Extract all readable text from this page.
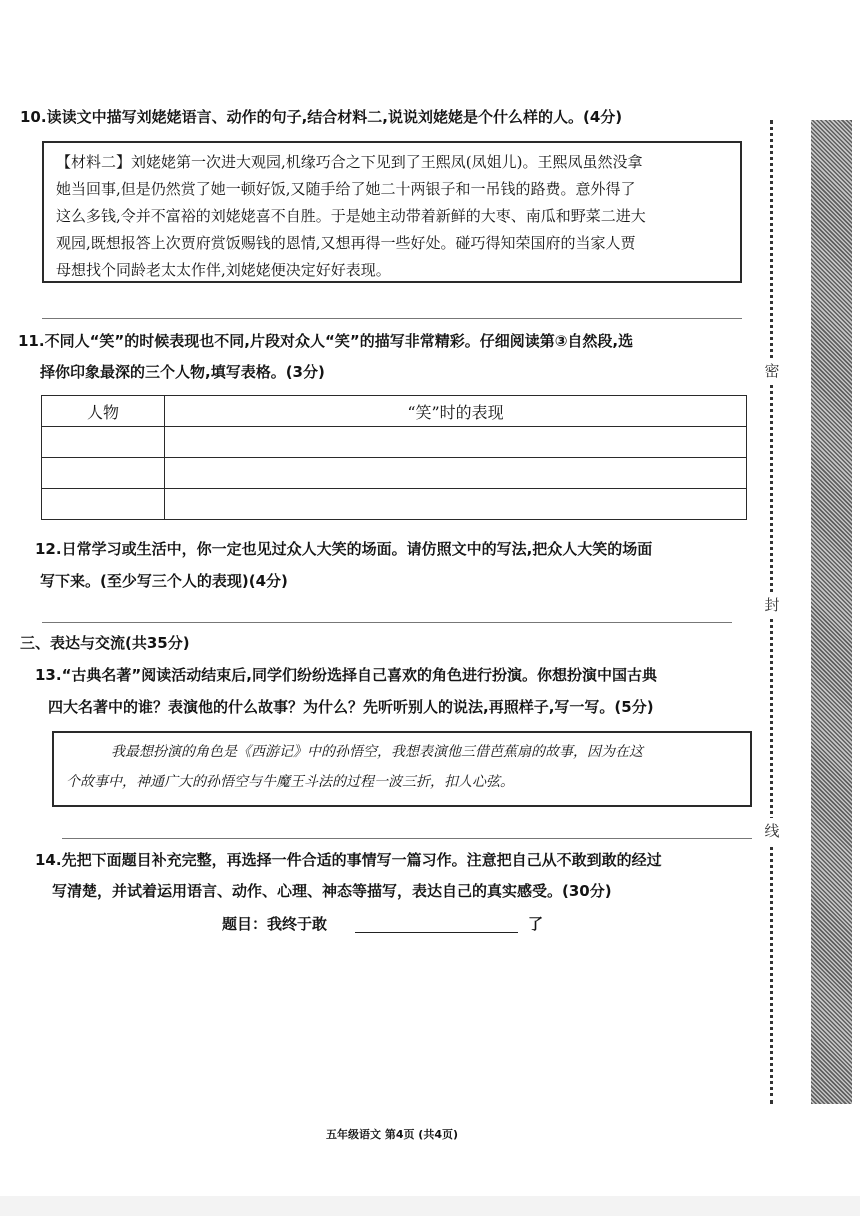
10.读读文中描写刘姥姥语言、动作的句子,结合材料二,说说刘姥姥是个什么样的人。(4分)

【材料二】刘姥姥第一次进大观园,机缘巧合之下见到了王熙凤(凤姐儿)。王熙凤虽然没拿

她当回事,但是仍然赏了她一顿好饭,又随手给了她二十两银子和一吊钱的路费。意外得了

这么多钱,令并不富裕的刘姥姥喜不自胜。于是她主动带着新鲜的大枣、南瓜和野菜二进大

观园,既想报答上次贾府赏饭赐钱的恩情,又想再得一些好处。碰巧得知荣国府的当家人贾

母想找个同龄老太太作伴,刘姥姥便决定好好表现。

11.不同人“笑”的时候表现也不同,片段对众人“笑”的描写非常精彩。仔细阅读第③自然段,选
择你印象最深的三个人物,填写表格。(3分)
人物	“笑”时的表现

12.日常学习或生活中，你一定也见过众人大笑的场面。请仿照文中的写法,把众人大笑的场面
写下来。(至少写三个人的表现)(4分)
三、表达与交流(共35分)
13.“古典名著”阅读活动结束后,同学们纷纷选择自己喜欢的角色进行扮演。你想扮演中国古典
四大名著中的谁？表演他的什么故事？为什么？先听听别人的说法,再照样子,写一写。(5分)

我最想扮演的角色是《西游记》中的孙悟空，我想表演他三借芭蕉扇的故事，因为在这

个故事中，神通广大的孙悟空与牛魔王斗法的过程一波三折，扣人心弦。

14.先把下面题目补充完整，再选择一件合适的事情写一篇习作。注意把自己从不敢到敢的经过
写清楚，并试着运用语言、动作、心理、神态等描写，表达自己的真实感受。(30分)
题目：我终于敢	了
密
封
线
五年级语文 第4页 (共4页)
